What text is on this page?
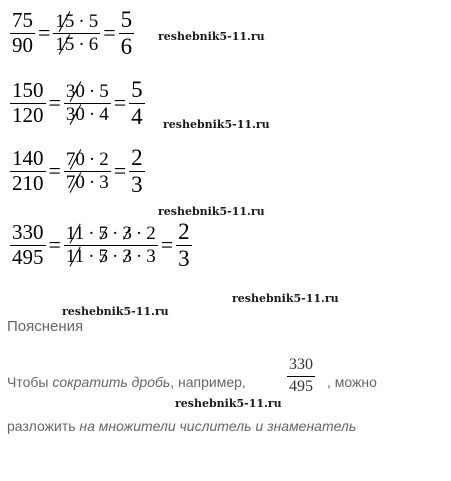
$\frac{75}{90} = \frac{15 \cdot 5}{15 \cdot 6} = \frac{5}{6}$ reshebnik5-11.ru
$\frac{150}{120} = \frac{30 \cdot 5}{30 \cdot 4} = \frac{5}{4}$ reshebnik5-11.ru
$\frac{140}{210} = \frac{70 \cdot 2}{70 \cdot 3} = \frac{2}{3}$
reshebnik5-11.ru
$\frac{330}{495} = \frac{11 \cdot 5 \cdot 3 \cdot 2}{11 \cdot 5 \cdot 3 \cdot 3} = \frac{2}{3}$
reshebnik5-11.ru
reshebnik5-11.ru
Пояснения
Чтобы сократить дробь, например,
330
495 , можно
reshebnik5-11.ru
разложить на множители числитель и знаменатель
